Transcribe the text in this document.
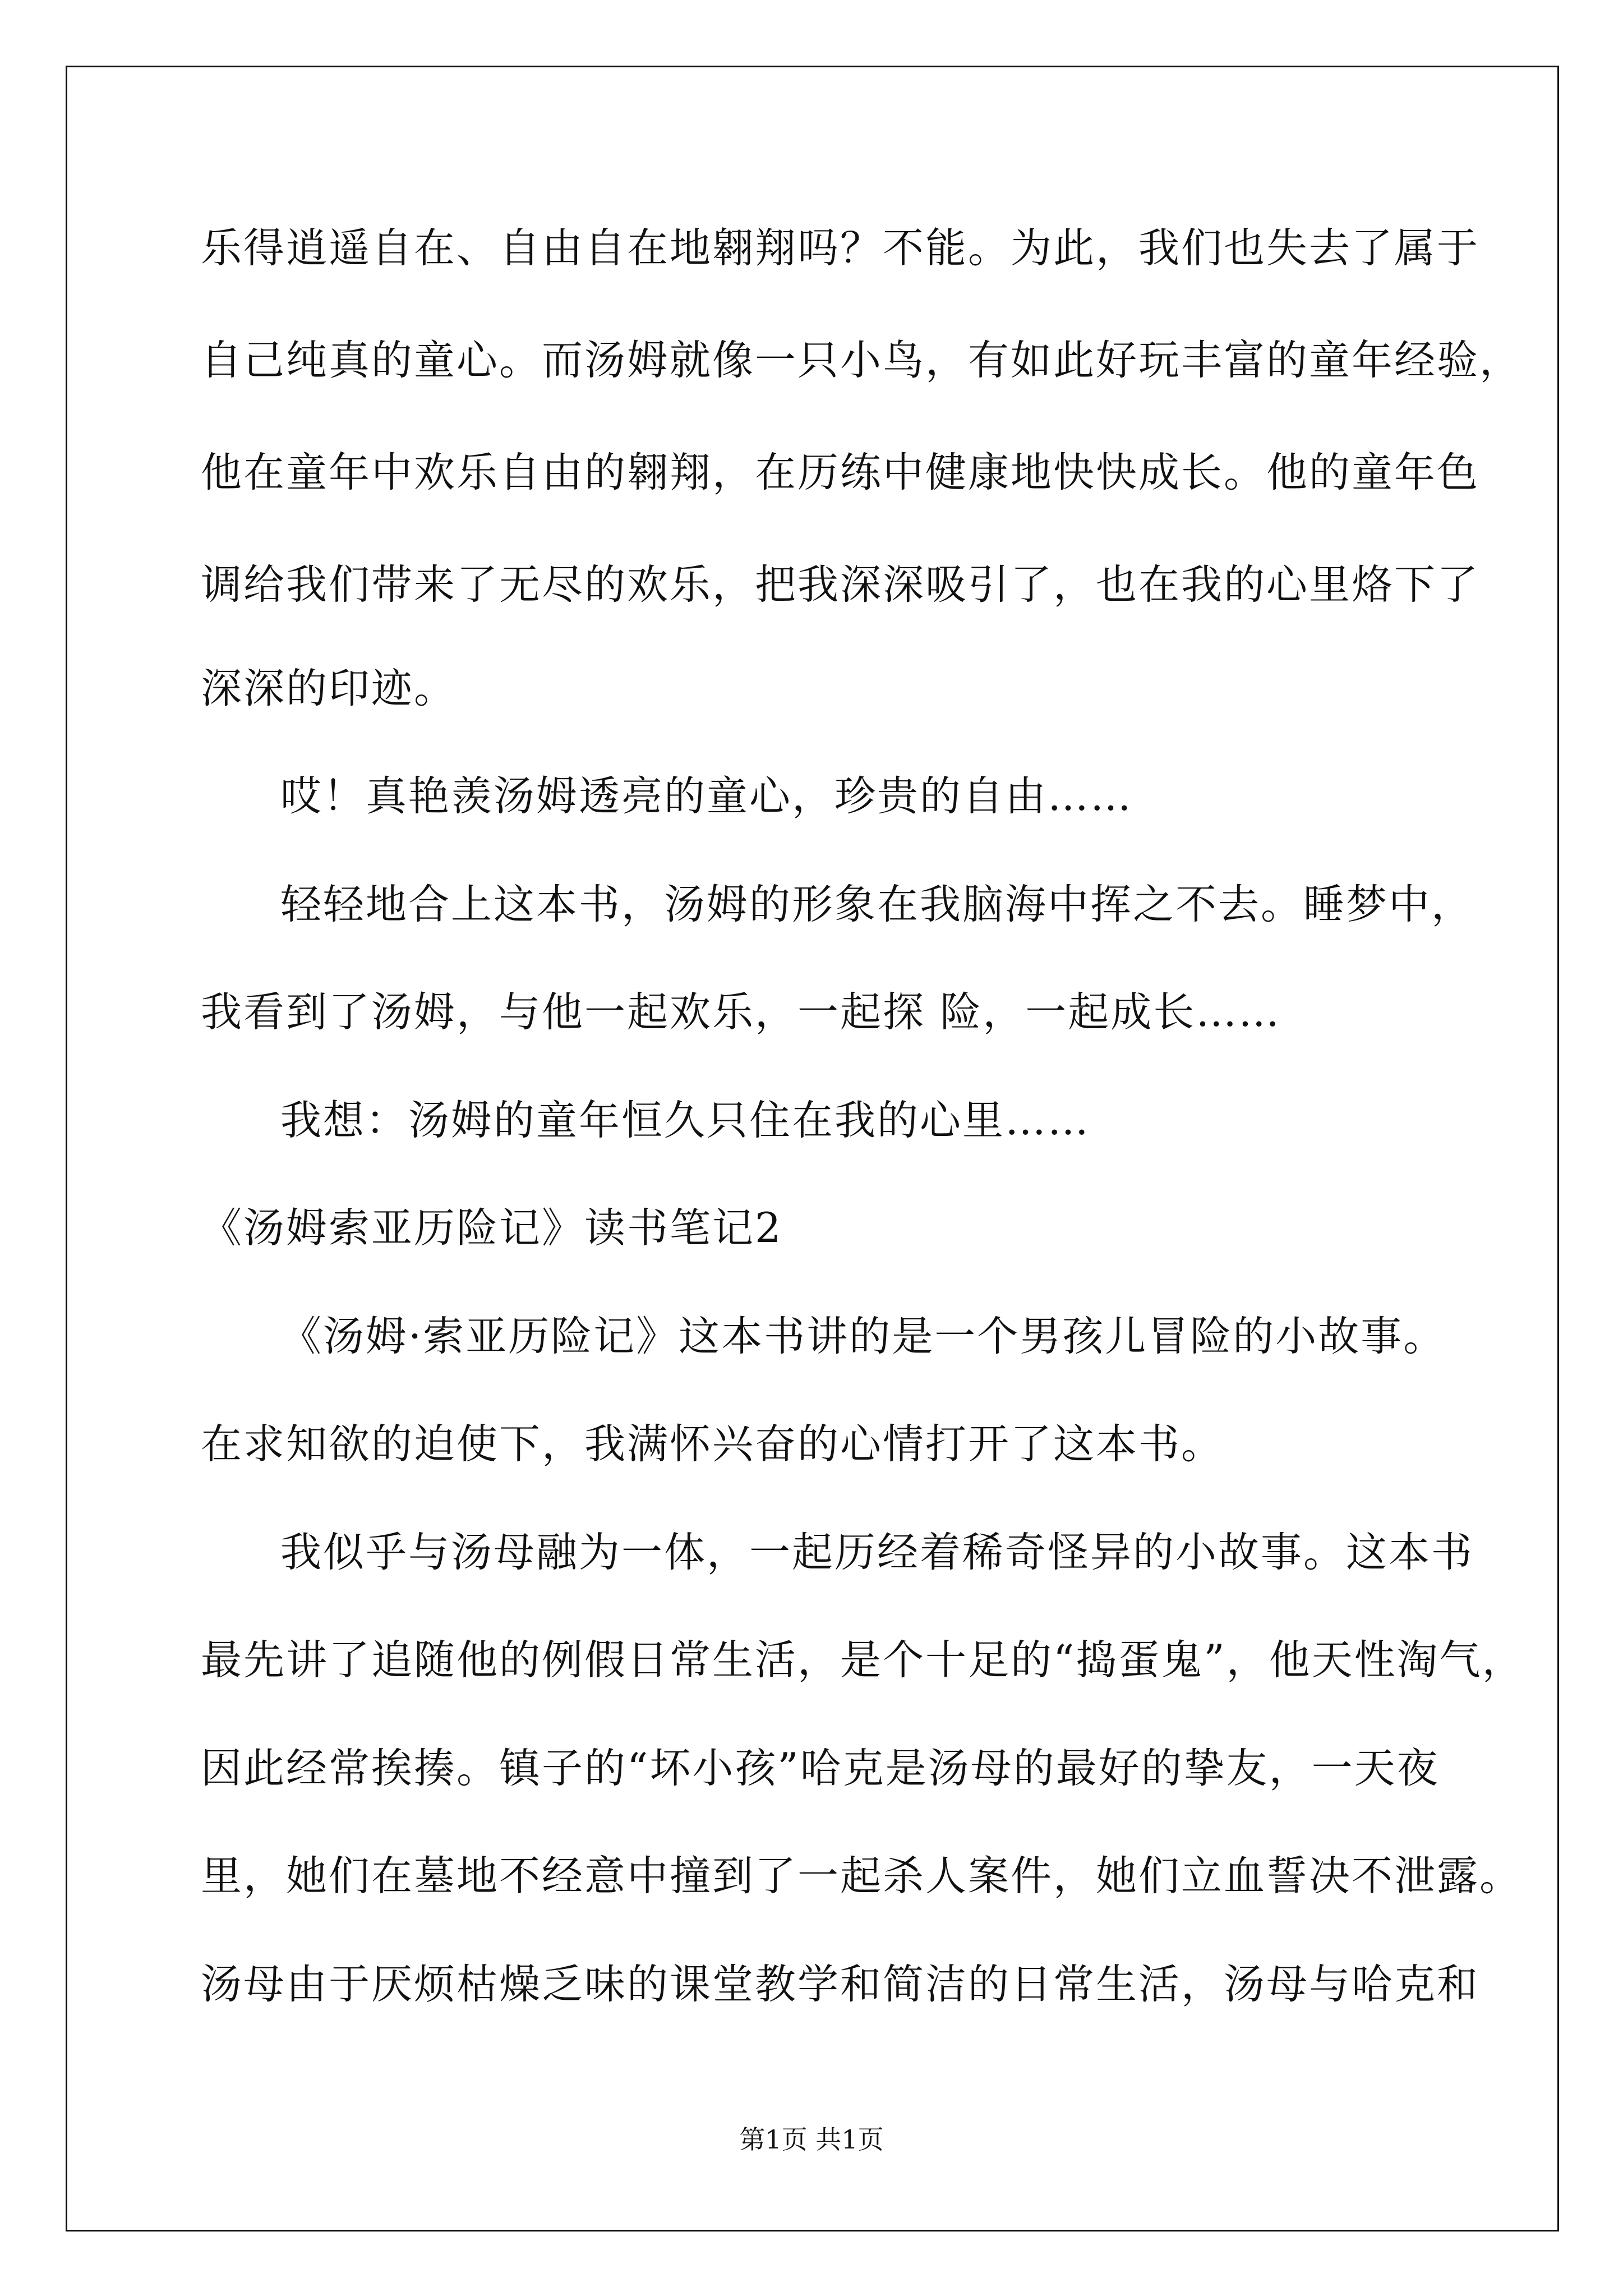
乐得逍遥自在、自由自在地翱翔吗？不能。为此，我们也失去了属于
自己纯真的童心。而汤姆就像一只小鸟，有如此好玩丰富的童年经验，
他在童年中欢乐自由的翱翔，在历练中健康地快快成长。他的童年色
调给我们带来了无尽的欢乐，把我深深吸引了，也在我的心里烙下了
深深的印迹。
哎！真艳羡汤姆透亮的童心，珍贵的自由……
轻轻地合上这本书，汤姆的形象在我脑海中挥之不去。睡梦中，
我看到了汤姆，与他一起欢乐，一起探 险，一起成长……
我想：汤姆的童年恒久只住在我的心里……
《汤姆索亚历险记》读书笔记2
《汤姆·索亚历险记》这本书讲的是一个男孩儿冒险的小故事。
在求知欲的迫使下，我满怀兴奋的心情打开了这本书。
我似乎与汤母融为一体，一起历经着稀奇怪异的小故事。这本书
最先讲了追随他的例假日常生活，是个十足的“捣蛋鬼”，他天性淘气，
因此经常挨揍。镇子的“坏小孩”哈克是汤母的最好的挚友，一天夜
里，她们在墓地不经意中撞到了一起杀人案件，她们立血誓决不泄露。
汤母由于厌烦枯燥乏味的课堂教学和简洁的日常生活，汤母与哈克和
第1页 共1页
